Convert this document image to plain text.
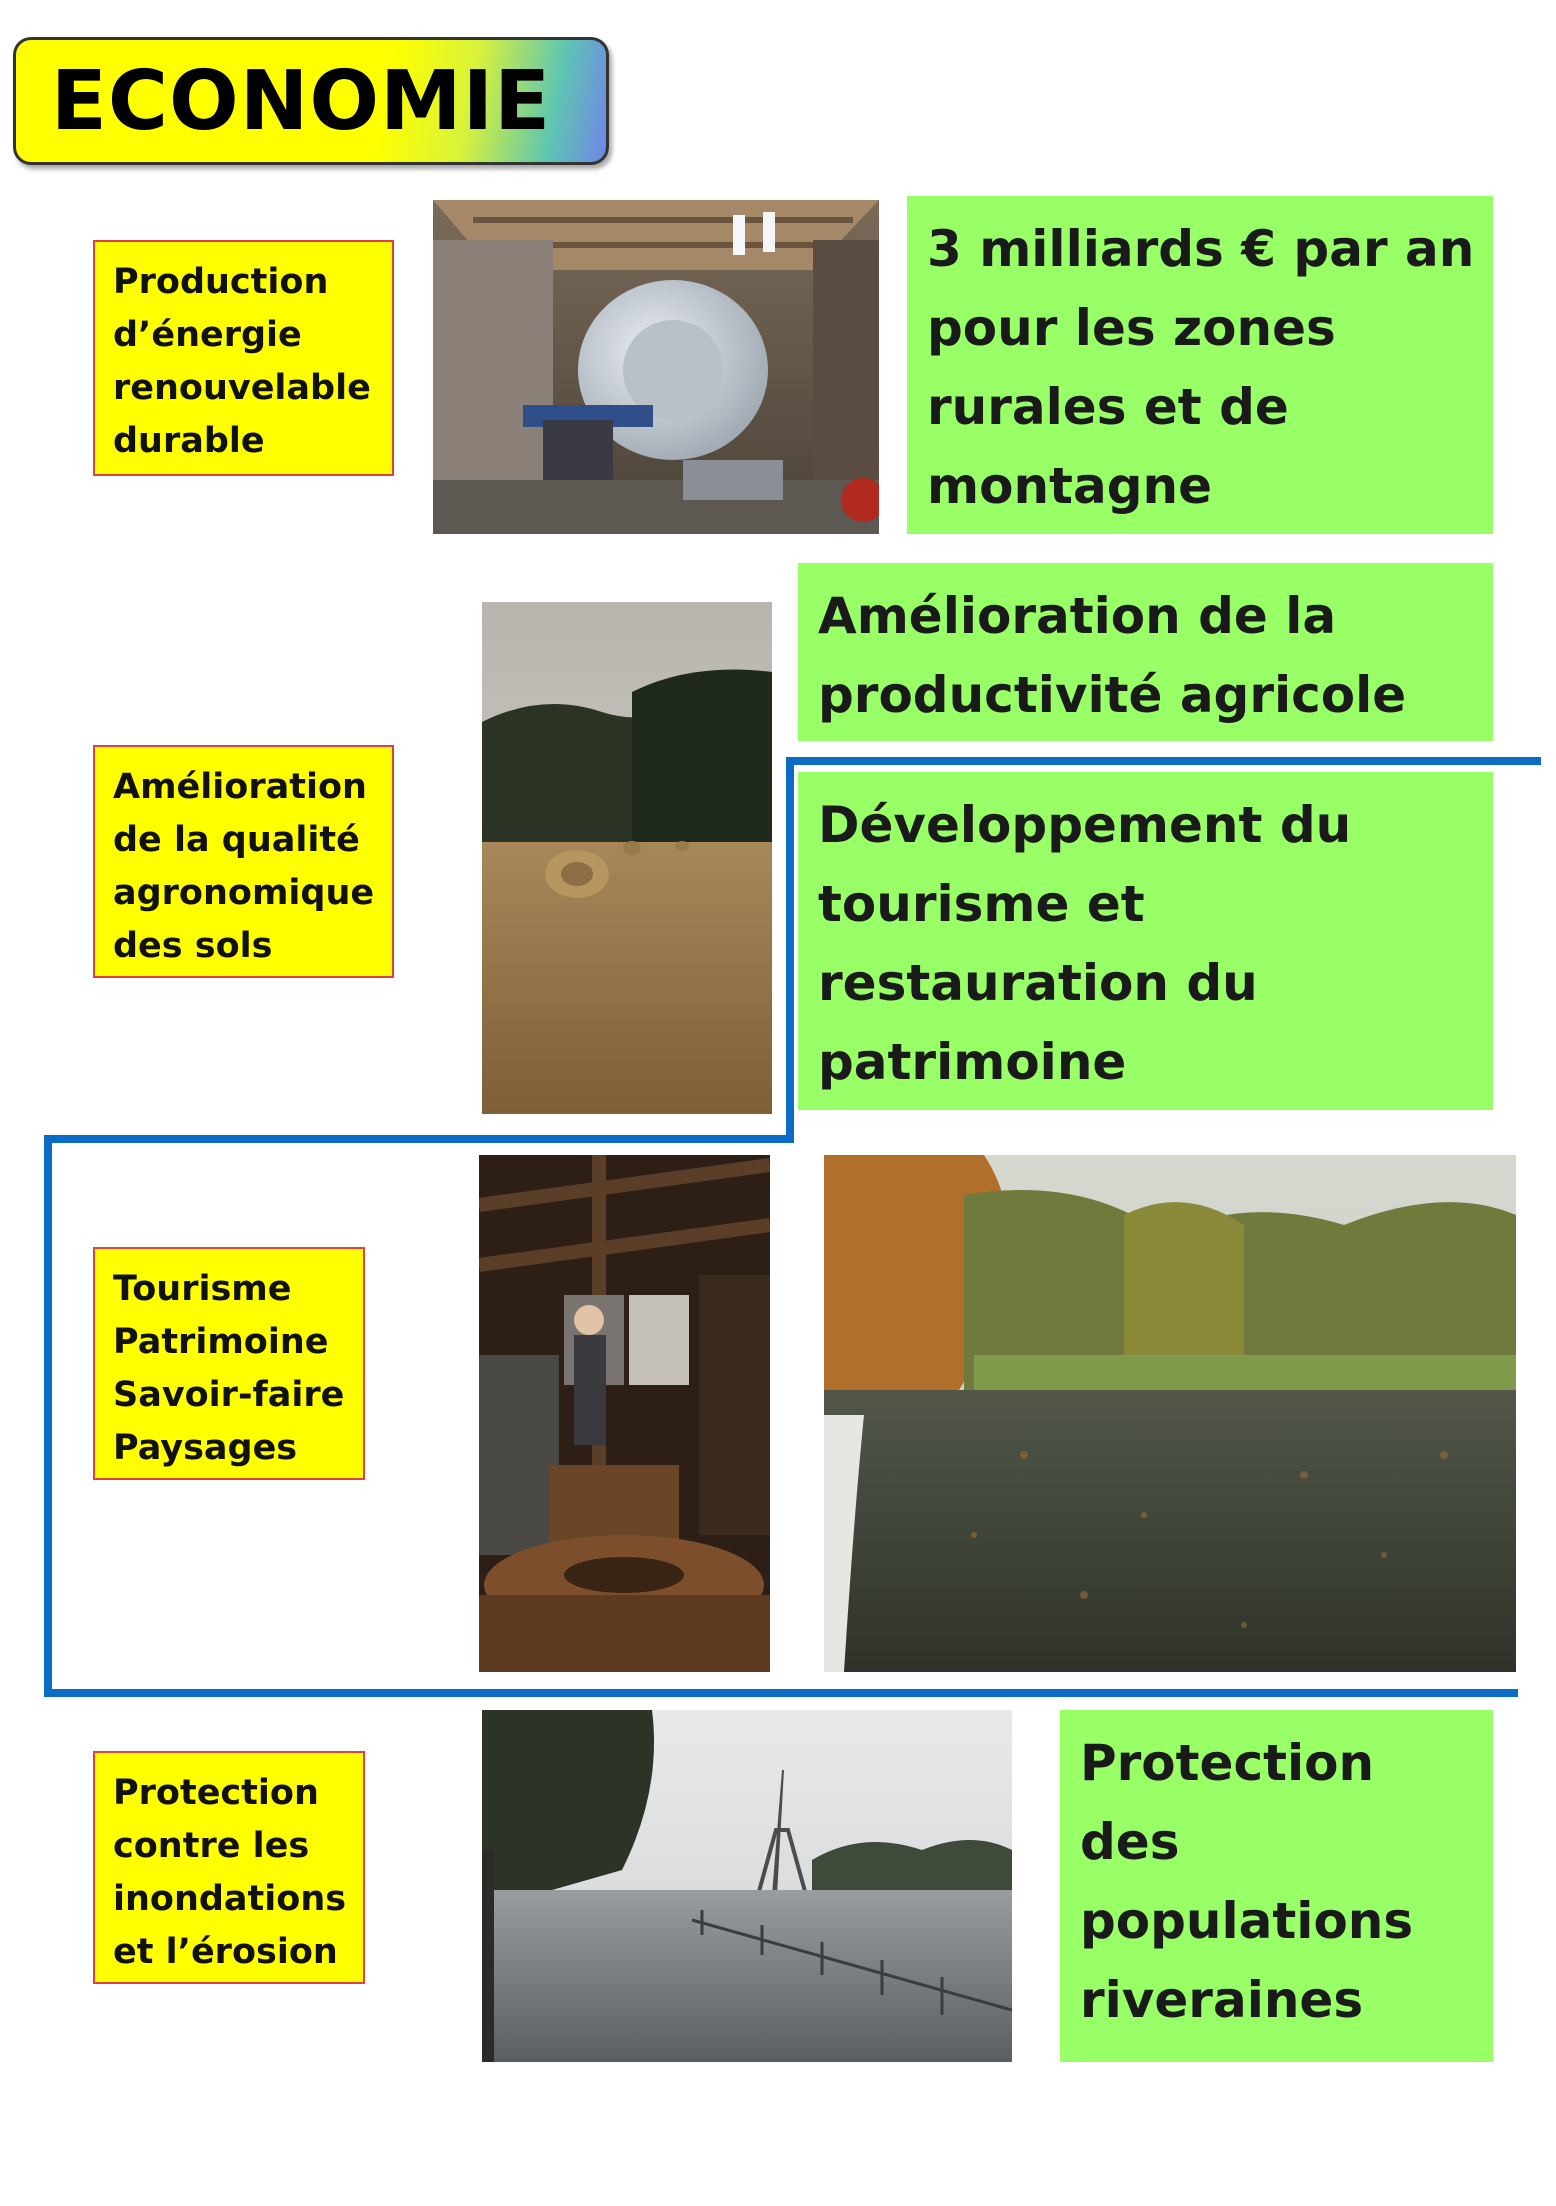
ECONOMIE
Production
d’énergie
renouvelable
durable
Amélioration
de la qualité
agronomique
des sols
Tourisme
Patrimoine
Savoir-faire
Paysages
Protection
contre les
inondations
et l’érosion
3 milliards € par an
pour les zones
rurales et de
montagne
Amélioration de la
productivité agricole
Développement du
tourisme et
restauration du
patrimoine
Protection
des
populations
riveraines
